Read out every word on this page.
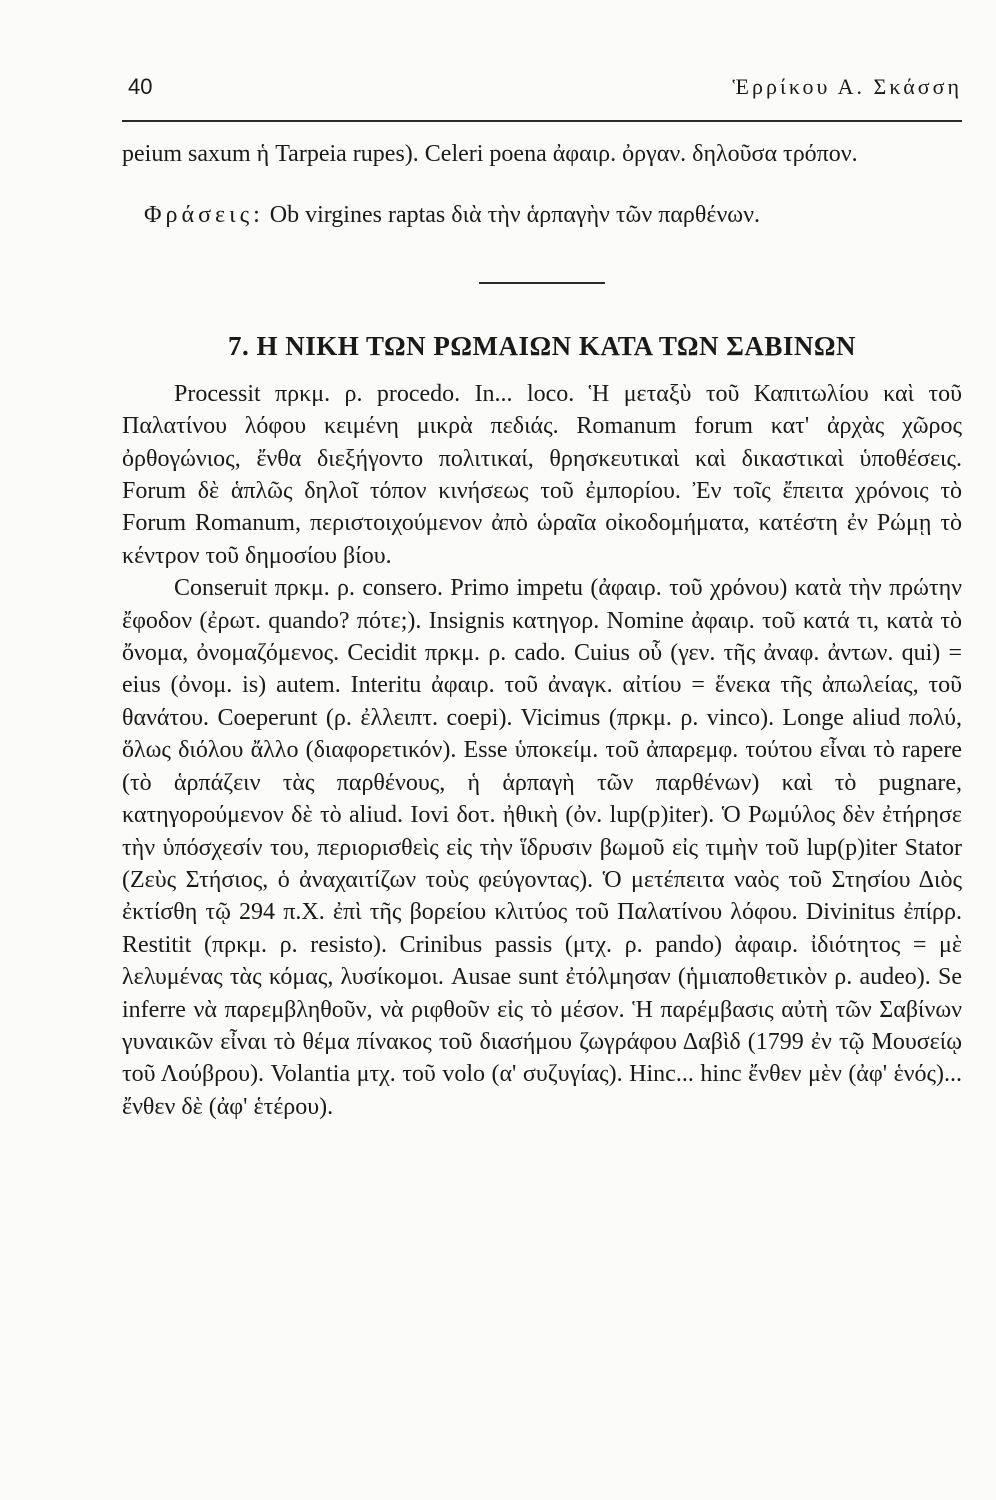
40	Ἑρρίκου Α. Σκάσση

peium saxum ἡ Tarpeia rupes). Celeri poena ἀφαιρ. ὀργαν. δηλοῦσα τρόπον.

Φράσεις: Ob virgines raptas διὰ τὴν ἁρπαγὴν τῶν παρθένων.

7. Η ΝΙΚΗ ΤΩΝ ΡΩΜΑΙΩΝ ΚΑΤΑ ΤΩΝ ΣΑΒΙΝΩΝ

Processit πρκμ. ρ. procedo. In... loco. Ἡ μεταξὺ τοῦ Καπιτωλίου καὶ τοῦ Παλατίνου λόφου κειμένη μικρὰ πεδιάς. Romanum forum κατ' ἀρχὰς χῶρος ὀρθογώνιος, ἔνθα διεξήγοντο πολιτικαί, θρησκευτικαὶ καὶ δικαστικαὶ ὑποθέσεις. Forum δὲ ἁπλῶς δηλοῖ τόπον κινήσεως τοῦ ἐμπορίου. Ἐν τοῖς ἔπειτα χρόνοις τὸ Forum Romanum, περιστοιχούμενον ἀπὸ ὡραῖα οἰκοδομήματα, κατέστη ἐν Ρώμῃ τὸ κέντρον τοῦ δημοσίου βίου.

Conseruit πρκμ. ρ. consero. Primo impetu (ἀφαιρ. τοῦ χρόνου) κατὰ τὴν πρώτην ἔφοδον (ἐρωτ. quando? πότε;). Insignis κατηγορ. Nomine ἀφαιρ. τοῦ κατά τι, κατὰ τὸ ὄνομα, ὀνομαζόμενος. Cecidit πρκμ. ρ. cado. Cuius οὗ (γεν. τῆς ἀναφ. ἀντων. qui) = eius (ὀνομ. is) autem. Interitu ἀφαιρ. τοῦ ἀναγκ. αἰτίου = ἕνεκα τῆς ἀπωλείας, τοῦ θανάτου. Coeperunt (ρ. ἐλλειπτ. coepi). Vicimus (πρκμ. ρ. vinco). Longe aliud πολύ, ὅλως διόλου ἄλλο (διαφορετικόν). Esse ὑποκείμ. τοῦ ἀπαρεμφ. τούτου εἶναι τὸ rapere (τὸ ἁρπάζειν τὰς παρθένους, ἡ ἁρπαγὴ τῶν παρθένων) καὶ τὸ pugnare, κατηγορούμενον δὲ τὸ aliud. Iovi δοτ. ἠθικὴ (ὀν. lup(p)iter). Ὁ Ρωμύλος δὲν ἐτήρησε τὴν ὑπόσχεσίν του, περιορισθεὶς εἰς τὴν ἵδρυσιν βωμοῦ εἰς τιμὴν τοῦ lup(p)iter Stator (Ζεὺς Στήσιος, ὁ ἀναχαιτίζων τοὺς φεύγοντας). Ὁ μετέπειτα ναὸς τοῦ Στησίου Διὸς ἐκτίσθη τῷ 294 π.Χ. ἐπὶ τῆς βορείου κλιτύος τοῦ Παλατίνου λόφου. Divinitus ἐπίρρ. Restitit (πρκμ. ρ. resisto). Crinibus passis (μτχ. ρ. pando) ἀφαιρ. ἰδιότητος = μὲ λελυμένας τὰς κόμας, λυσίκομοι. Ausae sunt ἐτόλμησαν (ἡμιαποθετικὸν ρ. audeo). Se inferre νὰ παρεμβληθοῦν, νὰ ριφθοῦν εἰς τὸ μέσον. Ἡ παρέμβασις αὐτὴ τῶν Σαβίνων γυναικῶν εἶναι τὸ θέμα πίνακος τοῦ διασήμου ζωγράφου Δαβὶδ (1799 ἐν τῷ Μουσείῳ τοῦ Λούβρου). Volantia μτχ. τοῦ volo (α' συζυγίας). Hinc... hinc ἔνθεν μὲν (ἀφ' ἑνός)... ἔνθεν δὲ (ἀφ' ἑτέρου).
